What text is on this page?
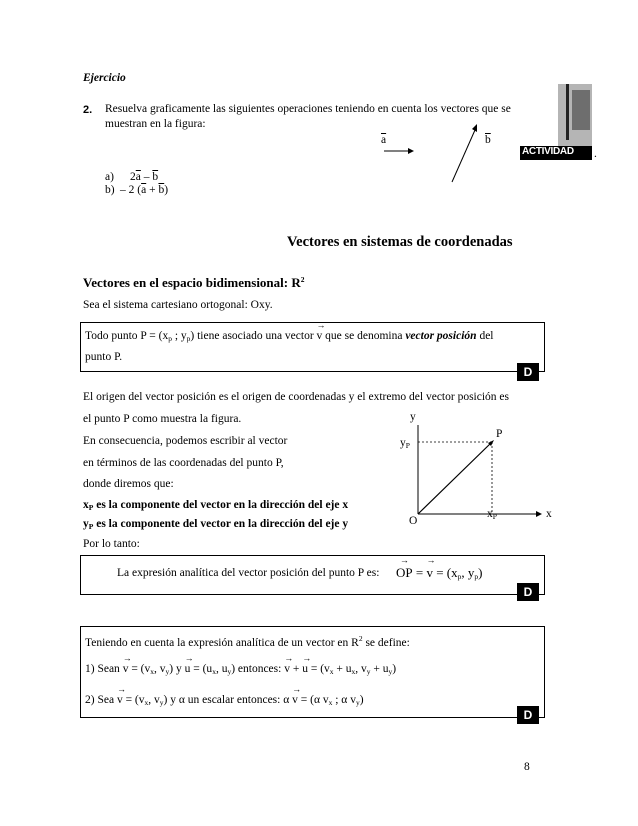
Ejercicio
2. Resuelva graficamente las siguientes operaciones teniendo en cuenta los vectores que se
muestran en la figura:
$\overline{a}$	$\overline{b}$
ACTIVIDAD .
a) $2\overline{a} - \overline{b}$
b) – 2 $(\overline{a} + \overline{b})$
Vectores en sistemas de coordenadas
Vectores en el espacio bidimensional: $R^2$
Sea el sistema cartesiano ortogonal: Oxy.
Todo punto $P = (x_p$ ; $y_p$) tiene asociado una vector → v que se denomina vector posición del
punto P.
D
El origen del vector posición es el origen de coordenadas y el extremo del vector posición es
el punto P como muestra la figura.
En consecuencia, podemos escribir al vector
en términos de las coordenadas del punto P,
donde diremos que:
$x_P$ es la componente del vector en la dirección del eje x
$y_P$ es la componente del vector en la dirección del eje y
Por lo tanto:
y
x
O
P
$y_P$
$x_P$
La expresión analítica del vector posición del punto P es: → OP = → $v = (x_p$, $y_p$)
D
Teniendo en cuenta la expresión analítica de un vector en $R^2$ se define:
1) Sean → $v = (v_x$, $v_y$) $y \to u = (u_x$, $u_y$) entonces: → v + → $u = (v_x + u_x$, $v_y + u_y$)
2) Sea → $v = (v_x$, $v_y$) y α un escalar entonces: α → v = (α $v_x$ ; α $v_y$)
D
8
